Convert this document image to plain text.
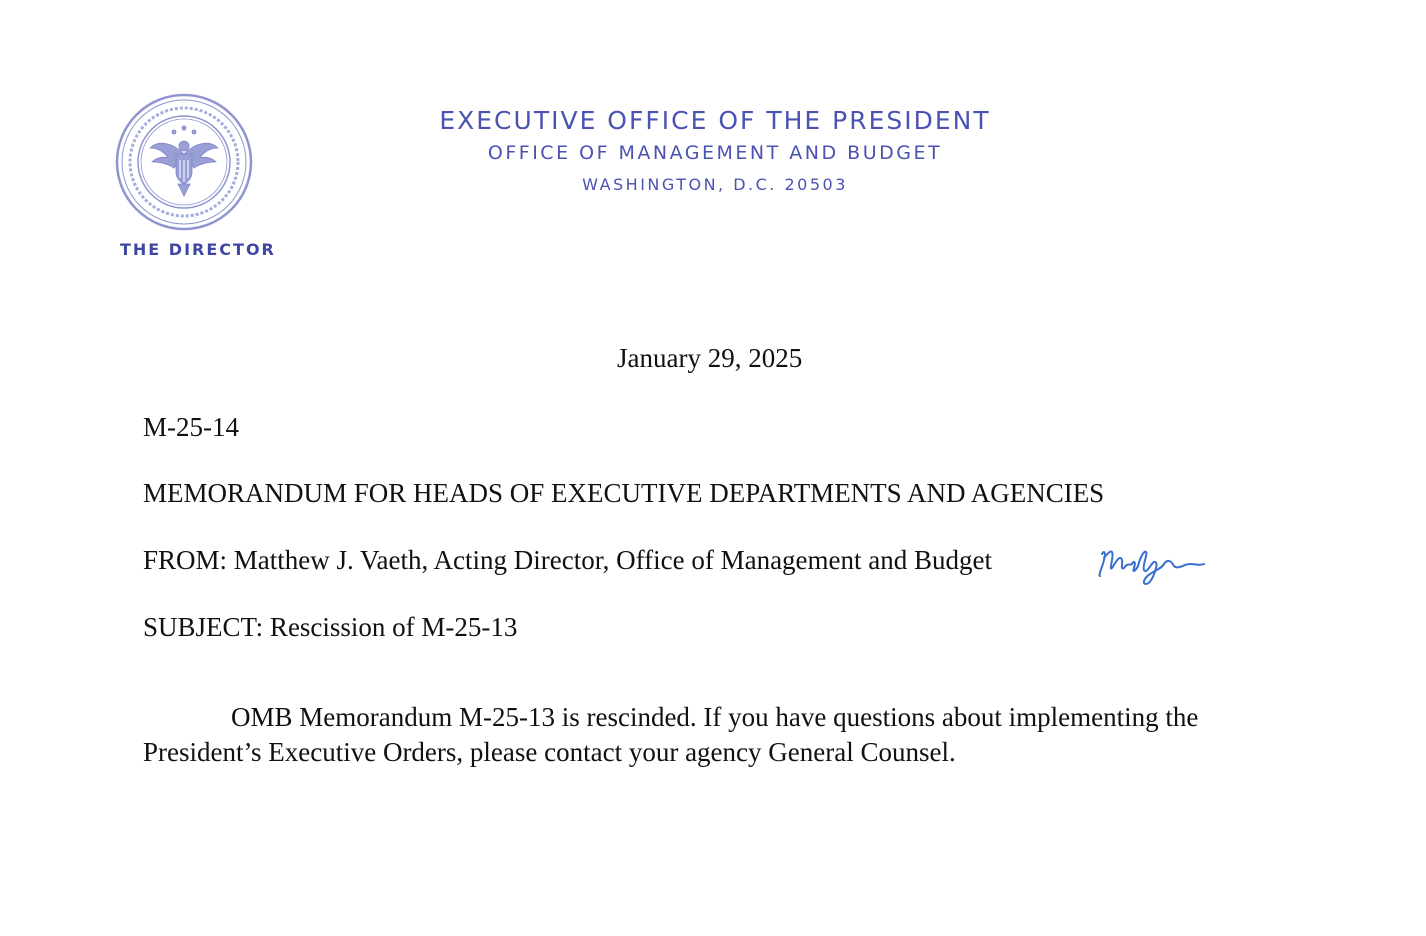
THE DIRECTOR
EXECUTIVE OFFICE OF THE PRESIDENT
OFFICE OF MANAGEMENT AND BUDGET
WASHINGTON, D.C. 20503
January 29, 2025
M-25-14
MEMORANDUM FOR HEADS OF EXECUTIVE DEPARTMENTS AND AGENCIES
FROM: Matthew J. Vaeth, Acting Director, Office of Management and Budget
SUBJECT: Rescission of M-25-13
OMB Memorandum M-25-13 is rescinded. If you have questions about implementing the President’s Executive Orders, please contact your agency General Counsel.
